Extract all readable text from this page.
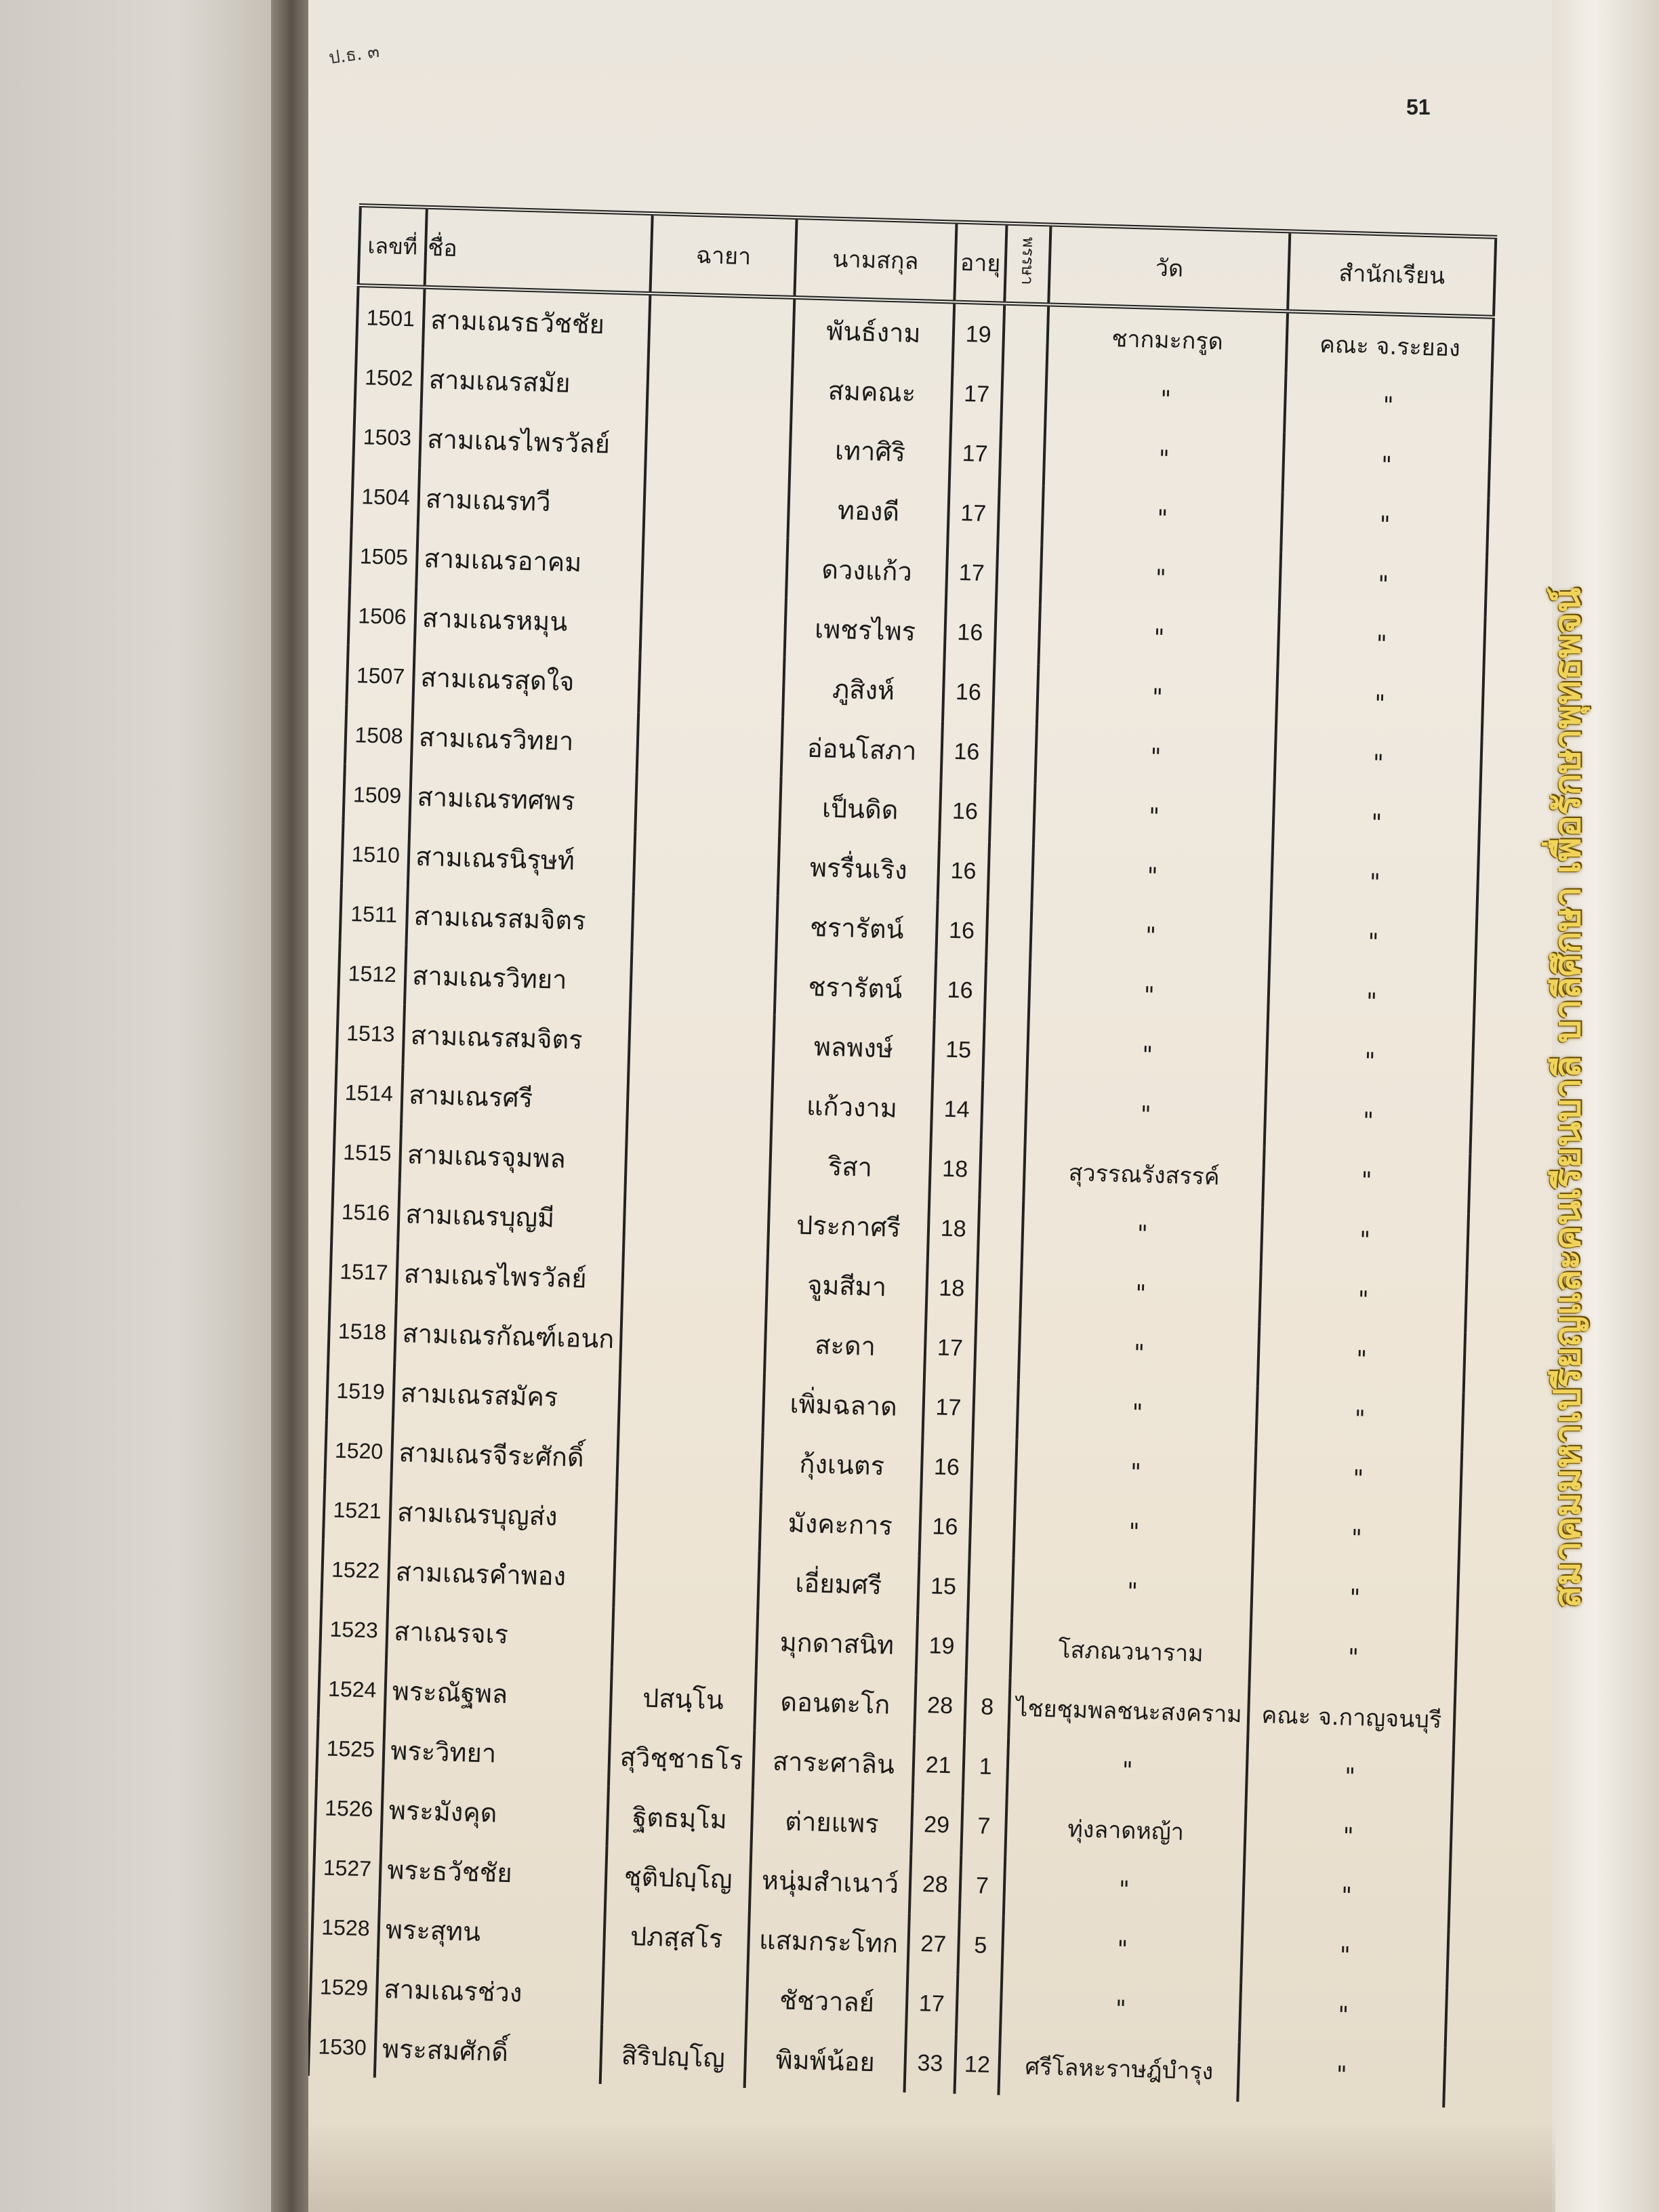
ป.ธ. ๓
51
เลขที่	ชื่อ	ฉายา	นามสกุล	อายุ	พรรษา	วัด	สำนักเรียน
1501	สามเณรธวัชชัย		พันธ์งาม	19		ชากมะกรูด	คณะ จ.ระยอง
1502	สามเณรสมัย		สมคณะ	17		"	"
1503	สามเณรไพรวัลย์		เทาศิริ	17		"	"
1504	สามเณรทวี		ทองดี	17		"	"
1505	สามเณรอาคม		ดวงแก้ว	17		"	"
1506	สามเณรหมุน		เพชรไพร	16		"	"
1507	สามเณรสุดใจ		ภูสิงห์	16		"	"
1508	สามเณรวิทยา		อ่อนโสภา	16		"	"
1509	สามเณรทศพร		เป็นดิด	16		"	"
1510	สามเณรนิรุษท์		พรรื่นเริง	16		"	"
1511	สามเณรสมจิตร		ชรารัตน์	16		"	"
1512	สามเณรวิทยา		ชรารัตน์	16		"	"
1513	สามเณรสมจิตร		พลพงษ์	15		"	"
1514	สามเณรศรี		แก้วงาม	14		"	"
1515	สามเณรจุมพล		ริสา	18		สุวรรณรังสรรค์	"
1516	สามเณรบุญมี		ประกาศรี	18		"	"
1517	สามเณรไพรวัลย์		จูมสีมา	18		"	"
1518	สามเณรกัณฑ์เอนก		สะดา	17		"	"
1519	สามเณรสมัคร		เพิ่มฉลาด	17		"	"
1520	สามเณรจีระศักดิ์		กุ้งเนตร	16		"	"
1521	สามเณรบุญส่ง		มังคะการ	16		"	"
1522	สามเณรคำพอง		เอี่ยมศรี	15		"	"
1523	สาเณรจเร		มุกดาสนิท	19		โสภณวนาราม	"
1524	พระณัฐพล	ปสนฺโน	ดอนตะโก	28	8	ไชยชุมพลชนะสงคราม	คณะ จ.กาญจนบุรี
1525	พระวิทยา	สุวิชฺชาธโร	สาระศาลิน	21	1	"	"
1526	พระมังคุด	ฐิตธมฺโม	ต่ายแพร	29	7	ทุ่งลาดหญ้า	"
1527	พระธวัชชัย	ชุติปญฺโญ	หนุ่มสำเนาว์	28	7	"	"
1528	พระสุทน	ปภสฺสโร	แสมกระโทก	27	5	"	"
1529	สามเณรช่วง		ชัชวาลย์	17		"	"
1530	พระสมศักดิ์	สิริปญฺโญ	พิมพ์น้อย	33	12	ศรีโลหะราษฎ์บำรุง	"
สมาคมมหาเปรียญและคนเรียนบาลี บาลีศึกษา เพื่อรักษาพุทธพจน์
